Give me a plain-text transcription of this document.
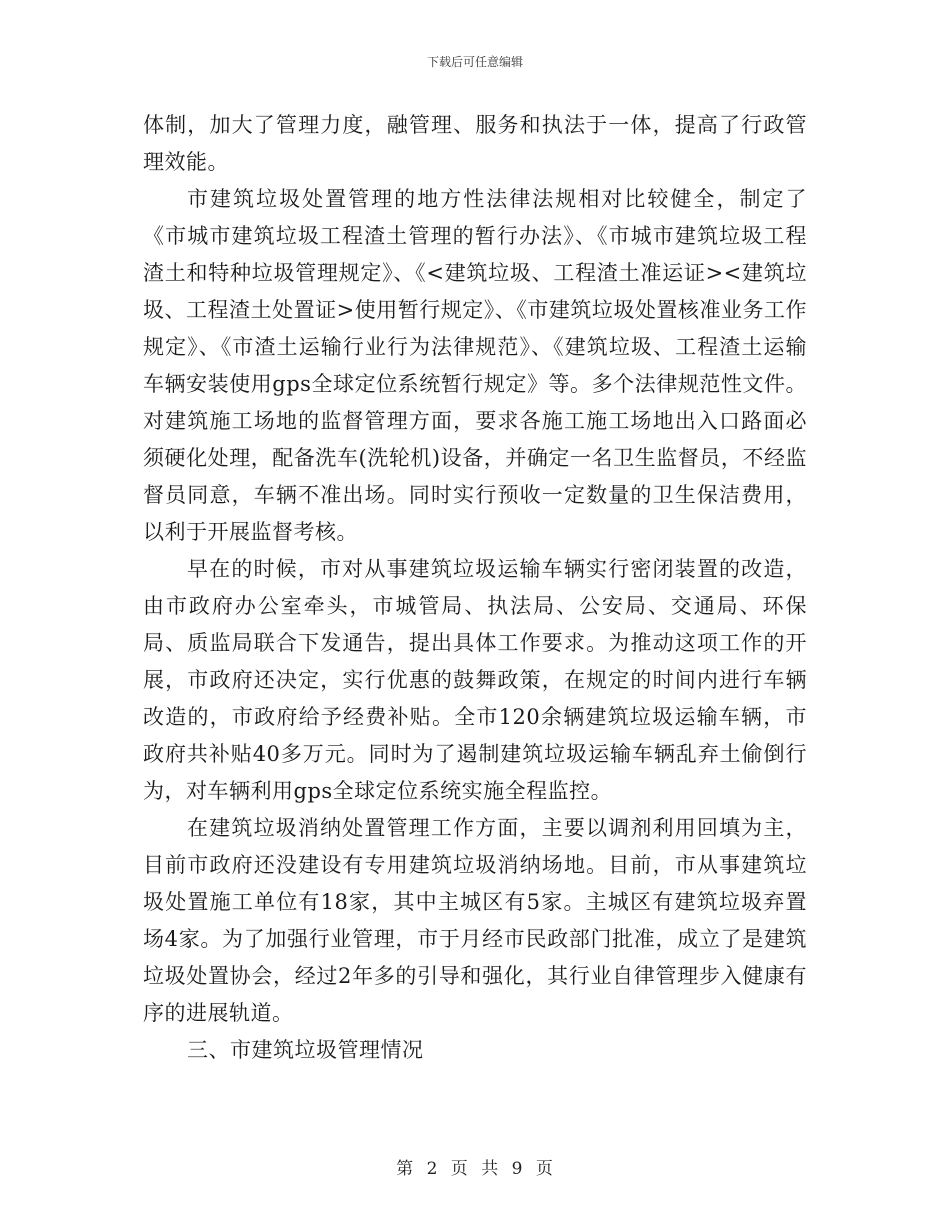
下载后可任意编辑

体制，加大了管理力度，融管理、服务和执法于一体，提高了行政管理效能。

市建筑垃圾处置管理的地方性法律法规相对比较健全，制定了《市城市建筑垃圾工程渣土管理的暂行办法》、《市城市建筑垃圾工程渣土和特种垃圾管理规定》、《<建筑垃圾、工程渣土准运证><建筑垃圾、工程渣土处置证>使用暂行规定》、《市建筑垃圾处置核准业务工作规定》、《市渣土运输行业行为法律规范》、《建筑垃圾、工程渣土运输车辆安装使用gps全球定位系统暂行规定》等。多个法律规范性文件。对建筑施工场地的监督管理方面，要求各施工施工场地出入口路面必须硬化处理，配备洗车(洗轮机)设备，并确定一名卫生监督员，不经监督员同意，车辆不准出场。同时实行预收一定数量的卫生保洁费用，以利于开展监督考核。

早在的时候，市对从事建筑垃圾运输车辆实行密闭装置的改造，由市政府办公室牵头，市城管局、执法局、公安局、交通局、环保局、质监局联合下发通告，提出具体工作要求。为推动这项工作的开展，市政府还决定，实行优惠的鼓舞政策，在规定的时间内进行车辆改造的，市政府给予经费补贴。全市120余辆建筑垃圾运输车辆，市政府共补贴40多万元。同时为了遏制建筑垃圾运输车辆乱弃土偷倒行为，对车辆利用gps全球定位系统实施全程监控。

在建筑垃圾消纳处置管理工作方面，主要以调剂利用回填为主，目前市政府还没建设有专用建筑垃圾消纳场地。目前，市从事建筑垃圾处置施工单位有18家，其中主城区有5家。主城区有建筑垃圾弃置场4家。为了加强行业管理，市于月经市民政部门批准，成立了是建筑垃圾处置协会，经过2年多的引导和强化，其行业自律管理步入健康有序的进展轨道。

三、市建筑垃圾管理情况

第 2 页 共 9 页
